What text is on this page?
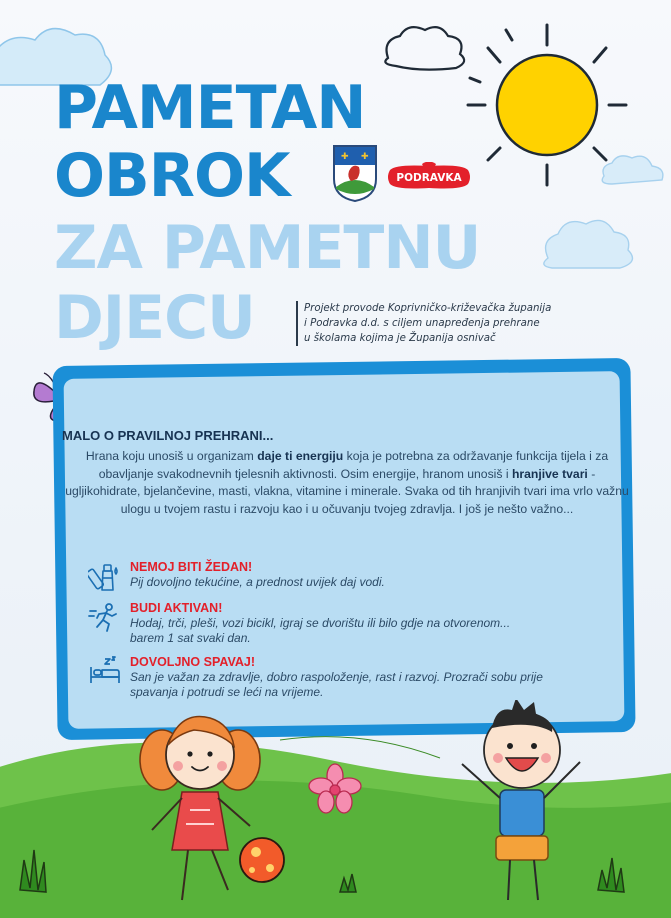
PAMETAN
OBROK
ZA PAMETNU
DJECU
✚ ✚
PODRAVKA
Projekt provode Koprivničko-križevačka županija
i Podravka d.d. s ciljem unapređenja prehrane
u školama kojima je Županija osnivač
MALO O PRAVILNOJ PREHRANI...
Hrana koju unosiš u organizam daje ti energiju koja je potrebna za održavanje funkcija tijela i za obavljanje svakodnevnih tjelesnih aktivnosti. Osim energije, hranom unosiš i hranjive tvari - ugljikohidrate, bjelančevine, masti, vlakna, vitamine i minerale. Svaka od tih hranjivih tvari ima vrlo važnu ulogu u tvojem rastu i razvoju kao i u očuvanju tvojeg zdravlja. I još je nešto važno...
NEMOJ BITI ŽEDAN!
Pij dovoljno tekućine, a prednost uvijek daj vodi.
BUDI AKTIVAN!
Hodaj, trči, pleši, vozi bicikl, igraj se dvorištu ili bilo gdje na otvorenom...
barem 1 sat svaki dan.
DOVOLJNO SPAVAJ!
San je važan za zdravlje, dobro raspoloženje, rast i razvoj. Prozrači sobu prije
spavanja i potrudi se leći na vrijeme.
